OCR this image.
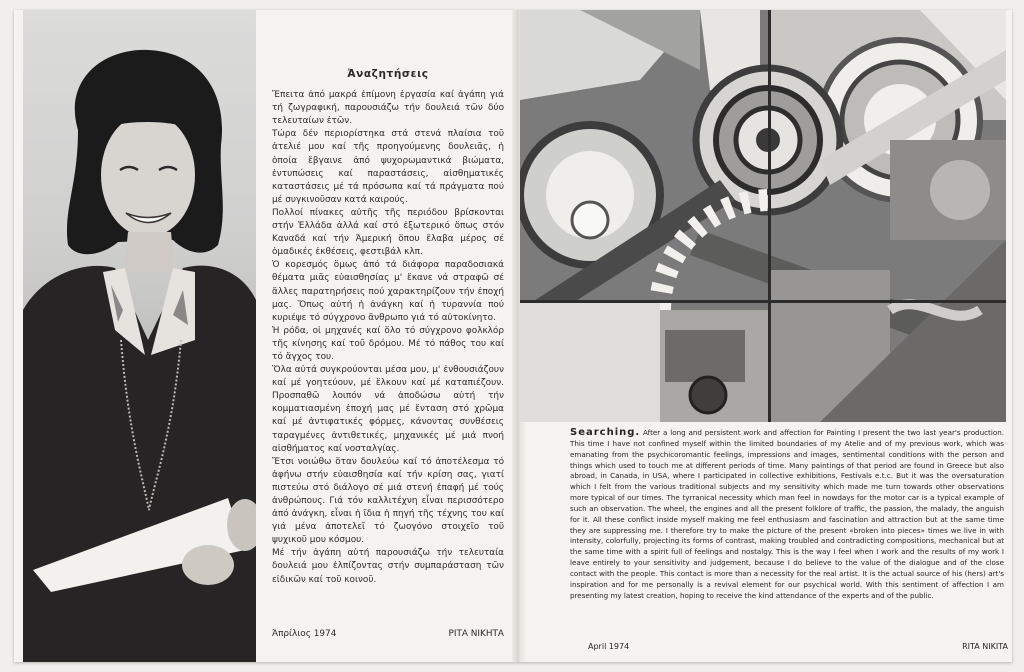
Ἀναζητήσεις

Ἔπειτα ἀπό μακρά ἐπίμονη ἐργασία καί ἀγάπη γιά τή ζωγραφική, παρουσιάζω τήν δουλειά τῶν δύο τελευταίων ἐτῶν.

Τώρα δέν περιορίστηκα στά στενά πλαίσια τοῦ ἀτελιέ μου καί τῆς προηγούμενης δουλειᾶς, ἡ ὁποία ἔβγαινε ἀπό ψυχορωμαντικά βιώματα, ἐντυπώσεις καί παραστάσεις, αἰσθηματικές καταστάσεις μέ τά πρόσωπα καί τά πράγματα πού μέ συγκινοῦσαν κατά καιρούς.

Πολλοί πίνακες αὐτῆς τῆς περιόδου βρίσκονται στήν Ἑλλάδα ἀλλά καί στό ἐξωτερικό ὅπως στόν Καναδά καί τήν Ἀμερική ὅπου ἔλαβα μέρος σέ ὁμαδικές ἐκθέσεις, φεστιβάλ κλπ.

Ὁ κορεσμός ὅμως ἀπό τά διάφορα παραδοσιακά θέματα μιᾶς εὐαισθησίας μ' ἔκανε νά στραφῶ σέ ἄλλες παρατηρήσεις πού χαρακτηρίζουν τήν ἐποχή μας. Ὅπως αὐτή ἡ ἀνάγκη καί ἡ τυραννία πού κυριέψε τό σύγχρονο ἄνθρωπο γιά τό αὐτοκίνητο.

Ἡ ρόδα, οἱ μηχανές καί ὅλο τό σύγχρονο φολκλόρ τῆς κίνησης καί τοῦ δρόμου. Μέ τό πάθος του καί τό ἄγχος του.

Ὅλα αὐτά συγκρούονται μέσα μου, μ' ἐνθουσιάζουν καί μέ γοητεύουν, μέ ἕλκουν καί μέ καταπιέζουν. Προσπαθῶ λοιπόν νά ἀποδώσω αὐτή τήν κομματιασμένη ἐποχή μας μέ ἔνταση στό χρῶμα καί μέ ἀντιφατικές φόρμες, κάνοντας συνθέσεις ταραγμένες ἀντιθετικές, μηχανικές μέ μιά πνοή αἰσθήματος καί νοσταλγίας.

Ἔτσι νοιώθω ὅταν δουλεύω καί τό ἀποτέλεσμα τό ἀφήνω στήν εὐαισθησία καί τήν κρίση σας, γιατί πιστεύω στό διάλογο σέ μιά στενή ἐπαφή μέ τούς ἀνθρώπους. Γιά τόν καλλιτέχνη εἶναι περισσότερο ἀπό ἀνάγκη, εἶναι ἡ ἴδια ἡ πηγή τῆς τέχνης του καί γιά μένα ἀποτελεῖ τό ζωογόνο στοιχεῖο τοῦ ψυχικοῦ μου κόσμου.

Μέ τήν ἀγάπη αὐτή παρουσιάζω τήν τελευταία δουλειά μου ἐλπίζοντας στήν συμπαράσταση τῶν εἰδικῶν καί τοῦ κοινοῦ.

Ἀπρίλιος 1974	ΡΙΤΑ ΝΙΚΗΤΑ
Searching. After a long and persistent work and affection for Painting I present the two last year's production. This time I have not confined myself within the limited boundaries of my Atelie and of my previous work, which was emanating from the psychicoromantic feelings, impressions and images, sentimental conditions with the person and things which used to touch me at different periods of time. Many paintings of that period are found in Greece but also abroad, in Canada, in USA, where I participated in collective exhibitions, Festivals e.t.c. But it was the oversaturation which I felt from the various traditional subjects and my sensitivity which made me turn towards other observations more typical of our times. The tyrranical necessity which man feel in nowdays for the motor car is a typical example of such an observation. The wheel, the engines and all the present folklore of traffic, the passion, the malady, the anguish for it. All these conflict inside myself making me feel enthusiasm and fascination and attraction but at the same time they are suppressing me. I therefore try to make the picture of the present «broken into pieces» times we live in with intensity, colorfully, projecting its forms of contrast, making troubled and contradicting compositions, mechanical but at the same time with a spirit full of feelings and nostalgy. This is the way I feel when I work and the results of my work I leave entirely to your sensitivity and judgement, because I do believe to the value of the dialogue and of the close contact with the people. This contact is more than a necessity for the real artist. It is the actual source of his (hers) art's inspiration and for me personally is a revival element for our psychical world. With this sentiment of affection I am presenting my latest creation, hoping to receive the kind attendance of the experts and of the public.
April 1974	RITA NIKITA
